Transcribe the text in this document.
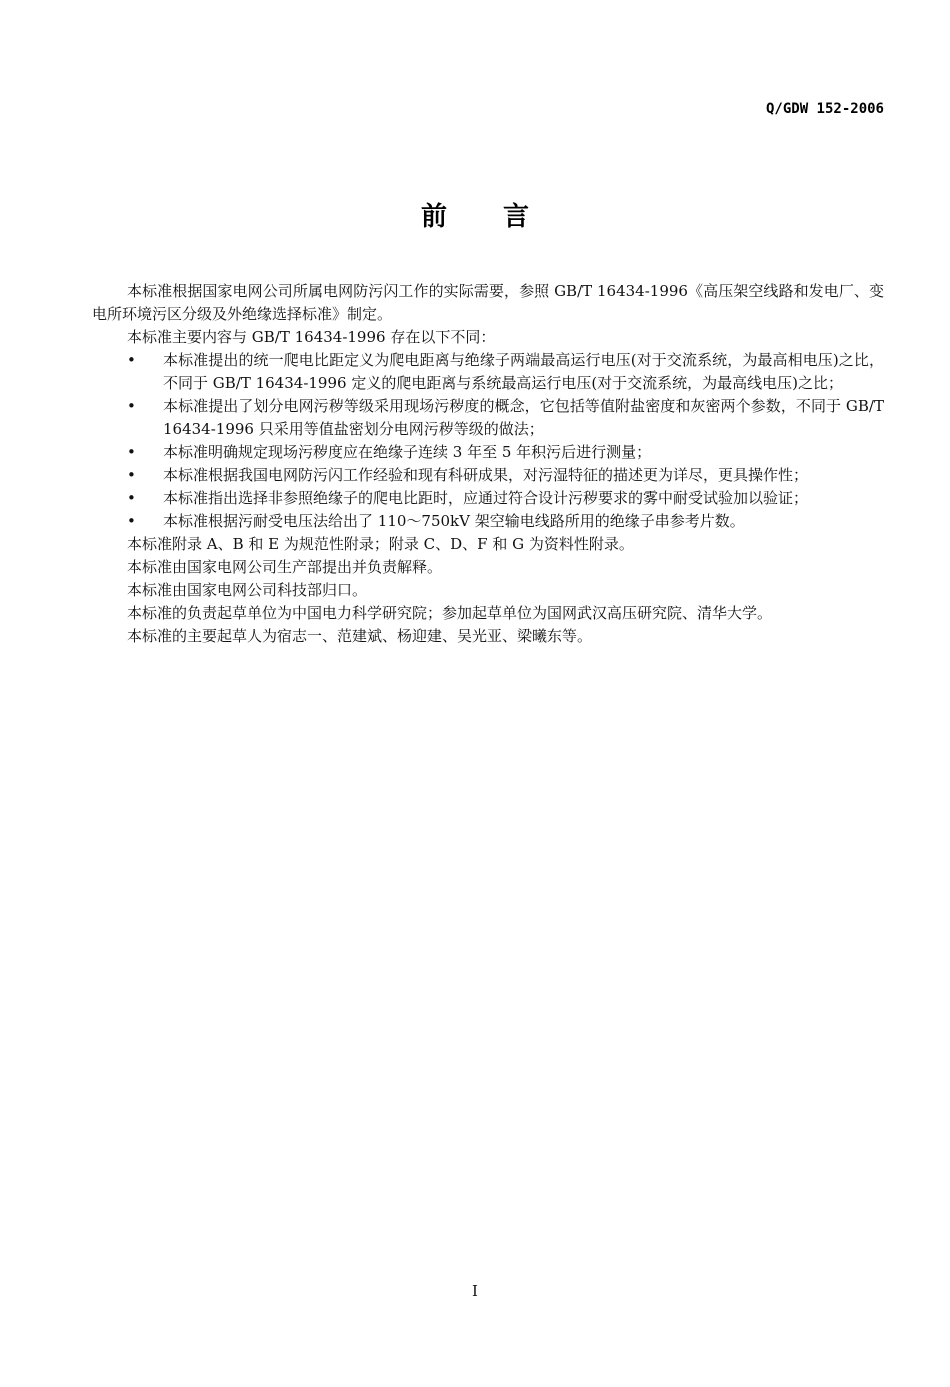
Q/GDW 152-2006
前 言

本标准根据国家电网公司所属电网防污闪工作的实际需要，参照 GB/T 16434-1996《高压架空线路和发电厂、变电所环境污区分级及外绝缘选择标准》制定。

本标准主要内容与 GB/T 16434-1996 存在以下不同：

• 本标准提出的统一爬电比距定义为爬电距离与绝缘子两端最高运行电压(对于交流系统，为最高相电压)之比，不同于 GB/T 16434-1996 定义的爬电距离与系统最高运行电压(对于交流系统，为最高线电压)之比；
• 本标准提出了划分电网污秽等级采用现场污秽度的概念，它包括等值附盐密度和灰密两个参数，不同于 GB/T 16434-1996 只采用等值盐密划分电网污秽等级的做法；
• 本标准明确规定现场污秽度应在绝缘子连续 3 年至 5 年积污后进行测量；
• 本标准根据我国电网防污闪工作经验和现有科研成果，对污湿特征的描述更为详尽，更具操作性；
• 本标准指出选择非参照绝缘子的爬电比距时，应通过符合设计污秽要求的雾中耐受试验加以验证；
• 本标准根据污耐受电压法给出了 110～750kV 架空输电线路所用的绝缘子串参考片数。

本标准附录 A、B 和 E 为规范性附录；附录 C、D、F 和 G 为资料性附录。

本标准由国家电网公司生产部提出并负责解释。

本标准由国家电网公司科技部归口。

本标准的负责起草单位为中国电力科学研究院；参加起草单位为国网武汉高压研究院、清华大学。

本标准的主要起草人为宿志一、范建斌、杨迎建、吴光亚、梁曦东等。

I
